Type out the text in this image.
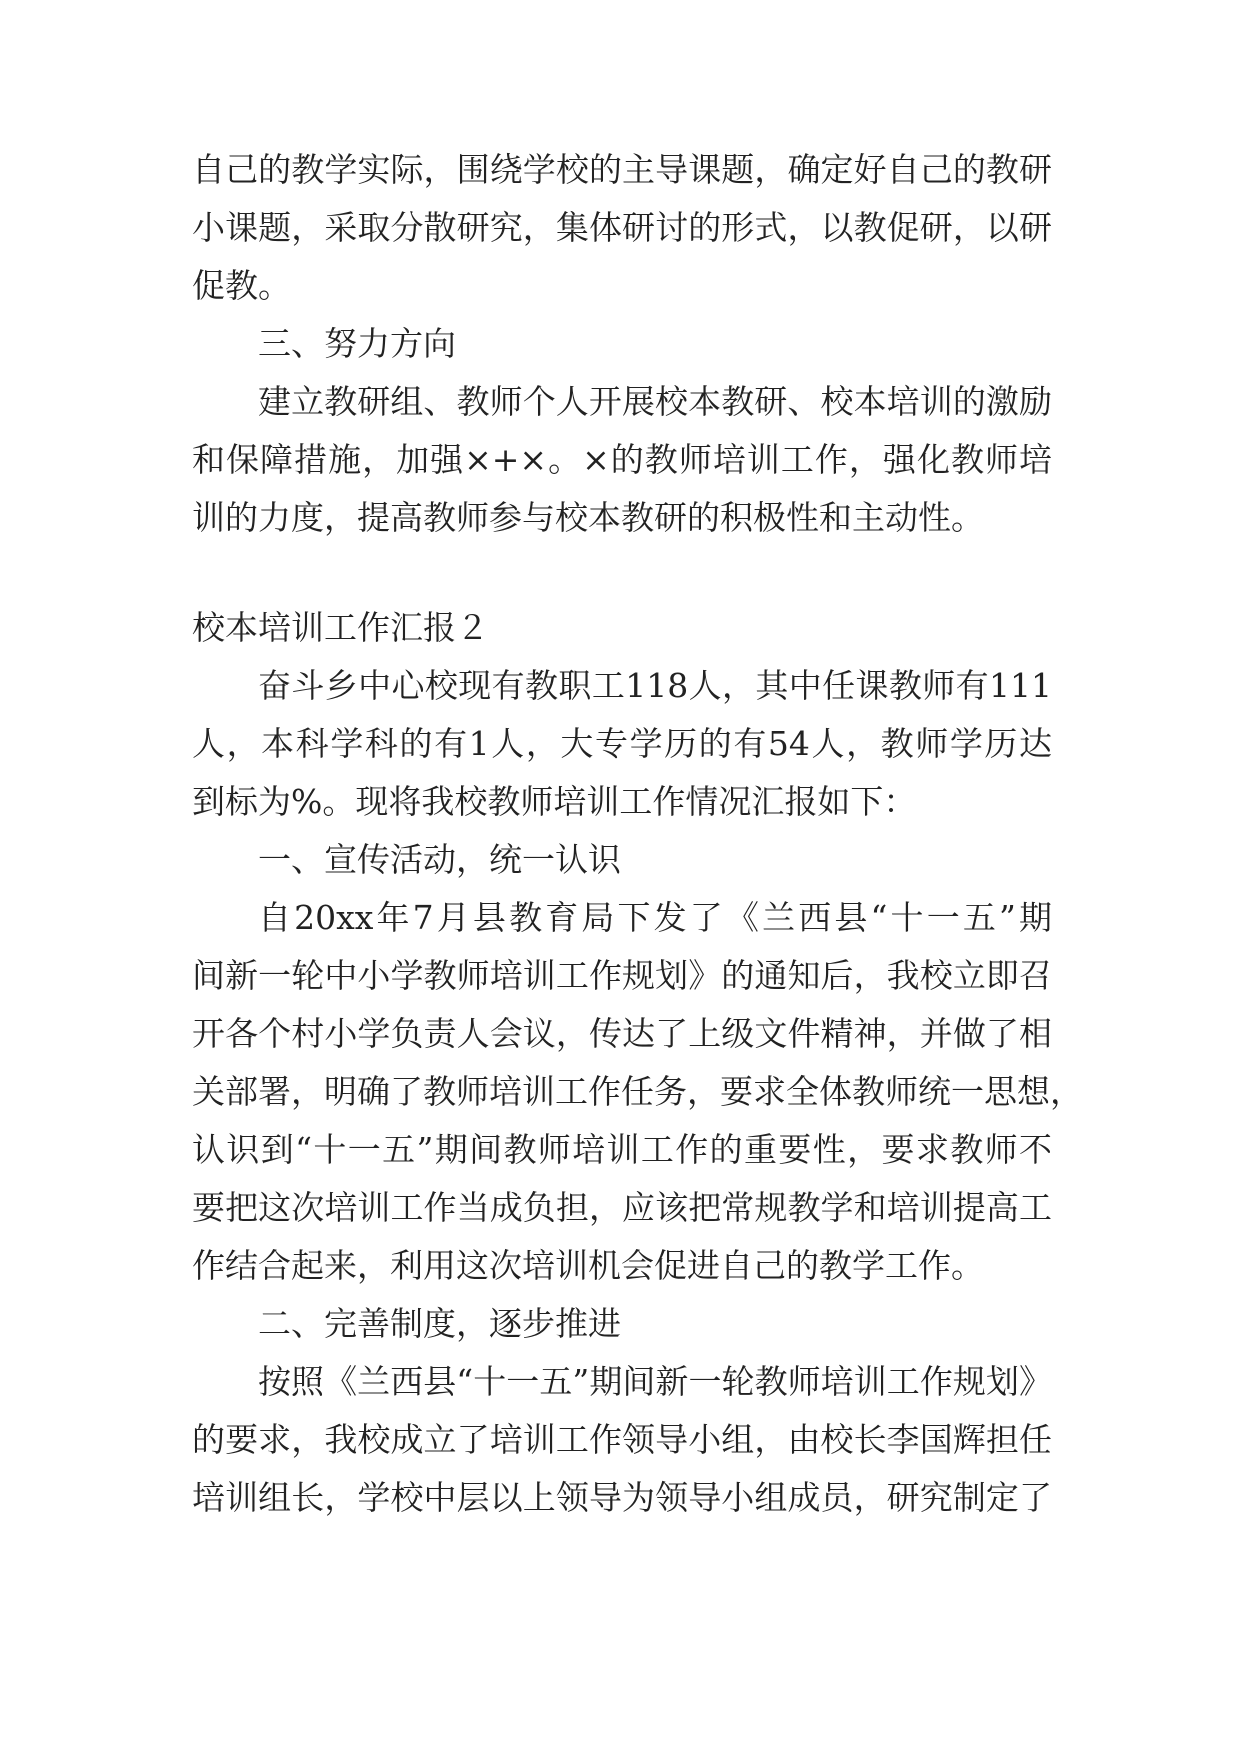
自己的教学实际，围绕学校的主导课题，确定好自己的教研
小课题，采取分散研究，集体研讨的形式，以教促研，以研
促教。
三、努力方向
建立教研组、教师个人开展校本教研、校本培训的激励
和保障措施，加强×+×。×的教师培训工作，强化教师培
训的力度，提高教师参与校本教研的积极性和主动性。
校本培训工作汇报２
奋斗乡中心校现有教职工118人，其中任课教师有111
人，本科学科的有1人，大专学历的有54人，教师学历达
到标为%。现将我校教师培训工作情况汇报如下：
一、宣传活动，统一认识
自20xx年7月县教育局下发了《兰西县“十一五”期
间新一轮中小学教师培训工作规划》的通知后，我校立即召
开各个村小学负责人会议，传达了上级文件精神，并做了相
关部署，明确了教师培训工作任务，要求全体教师统一思想，
认识到“十一五”期间教师培训工作的重要性，要求教师不
要把这次培训工作当成负担，应该把常规教学和培训提高工
作结合起来，利用这次培训机会促进自己的教学工作。
二、完善制度，逐步推进
按照《兰西县“十一五”期间新一轮教师培训工作规划》
的要求，我校成立了培训工作领导小组，由校长李国辉担任
培训组长，学校中层以上领导为领导小组成员，研究制定了
